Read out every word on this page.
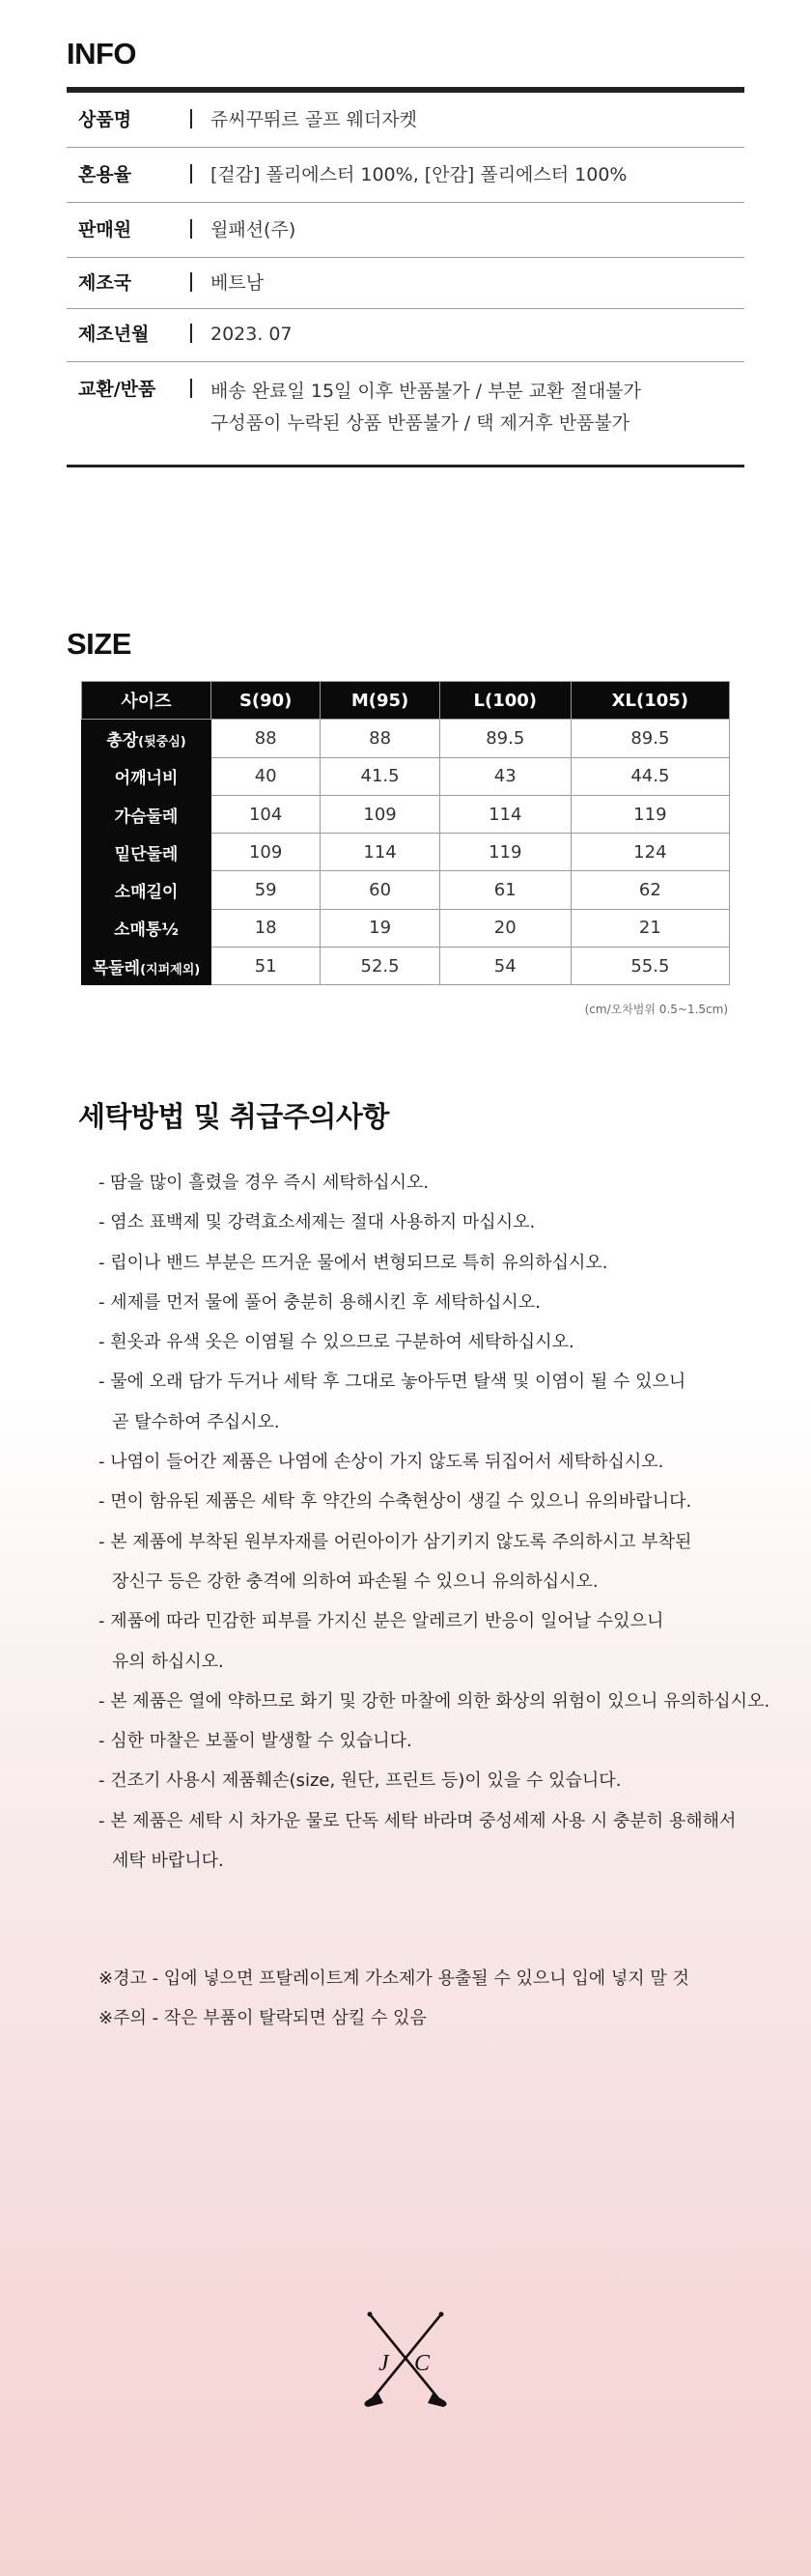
INFO
상품명	쥬씨꾸뛰르 골프 웨더자켓
혼용율	[겉감] 폴리에스터 100%, [안감] 폴리에스터 100%
판매원	윌패션(주)
제조국	베트남
제조년월	2023. 07
교환/반품	배송 완료일 15일 이후 반품불가 / 부분 교환 절대불가
구성품이 누락된 상품 반품불가 / 택 제거후 반품불가
SIZE
사이즈	S(90)	M(95)	L(100)	XL(105)
총장(뒷중심)	88	88	89.5	89.5
어깨너비	40	41.5	43	44.5
가슴둘레	104	109	114	119
밑단둘레	109	114	119	124
소매길이	59	60	61	62
소매통½	18	19	20	21
목둘레(지퍼제외)	51	52.5	54	55.5
(cm/오차범위 0.5~1.5cm)
세탁방법 및 취급주의사항
- 땀을 많이 흘렸을 경우 즉시 세탁하십시오.
- 염소 표백제 및 강력효소세제는 절대 사용하지 마십시오.
- 립이나 밴드 부분은 뜨거운 물에서 변형되므로 특히 유의하십시오.
- 세제를 먼저 물에 풀어 충분히 용해시킨 후 세탁하십시오.
- 흰옷과 유색 옷은 이염될 수 있으므로 구분하여 세탁하십시오.
- 물에 오래 담가 두거나 세탁 후 그대로 놓아두면 탈색 및 이염이 될 수 있으니
곧 탈수하여 주십시오.
- 나염이 들어간 제품은 나염에 손상이 가지 않도록 뒤집어서 세탁하십시오.
- 면이 함유된 제품은 세탁 후 약간의 수축현상이 생길 수 있으니 유의바랍니다.
- 본 제품에 부착된 원부자재를 어린아이가 삼기키지 않도록 주의하시고 부착된
장신구 등은 강한 충격에 의하여 파손될 수 있으니 유의하십시오.
- 제품에 따라 민감한 피부를 가지신 분은 알레르기 반응이 일어날 수있으니
유의 하십시오.
- 본 제품은 열에 약하므로 화기 및 강한 마찰에 의한 화상의 위험이 있으니 유의하십시오.
- 심한 마찰은 보풀이 발생할 수 있습니다.
- 건조기 사용시 제품훼손(size, 원단, 프린트 등)이 있을 수 있습니다.
- 본 제품은 세탁 시 차가운 물로 단독 세탁 바라며 중성세제 사용 시 충분히 용해해서
세탁 바랍니다.
※경고 - 입에 넣으면 프탈레이트계 가소제가 용출될 수 있으니 입에 넣지 말 것
※주의 - 작은 부품이 탈락되면 삼킬 수 있음
J C
